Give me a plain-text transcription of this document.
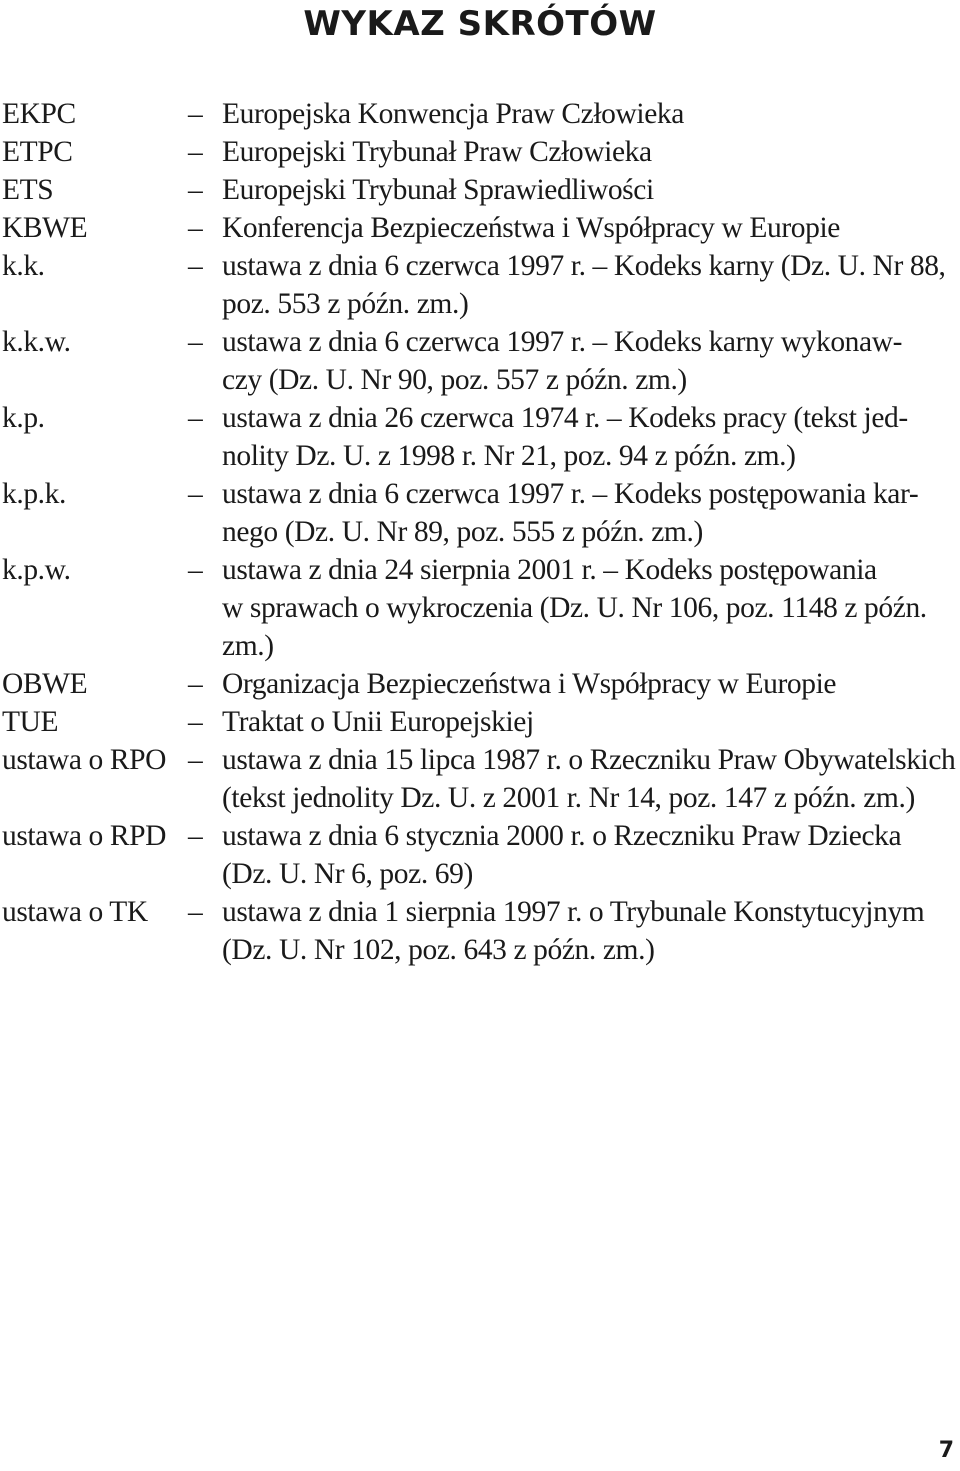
WYKAZ SKRÓTÓW
EKPC	– Europejska Konwencja Praw Człowieka
ETPC	– Europejski Trybunał Praw Człowieka
ETS	– Europejski Trybunał Sprawiedliwości
KBWE	– Konferencja Bezpieczeństwa i Współpracy w Europie
k.k.	– ustawa z dnia 6 czerwca 1997 r. – Kodeks karny (Dz. U. Nr 88,
poz. 553 z późn. zm.)
k.k.w.	– ustawa z dnia 6 czerwca 1997 r. – Kodeks karny wykonaw-
czy (Dz. U. Nr 90, poz. 557 z późn. zm.)
k.p.	– ustawa z dnia 26 czerwca 1974 r. – Kodeks pracy (tekst jed-
nolity Dz. U. z 1998 r. Nr 21, poz. 94 z późn. zm.)
k.p.k.	– ustawa z dnia 6 czerwca 1997 r. – Kodeks postępowania kar-
nego (Dz. U. Nr 89, poz. 555 z późn. zm.)
k.p.w.	– ustawa z dnia 24 sierpnia 2001 r. – Kodeks postępowania
w sprawach o wykroczenia (Dz. U. Nr 106, poz. 1148 z późn.
zm.)
OBWE	– Organizacja Bezpieczeństwa i Współpracy w Europie
TUE	– Traktat o Unii Europejskiej
ustawa o RPO – ustawa z dnia 15 lipca 1987 r. o Rzeczniku Praw Obywatelskich
(tekst jednolity Dz. U. z 2001 r. Nr 14, poz. 147 z późn. zm.)
ustawa o RPD – ustawa z dnia 6 stycznia 2000 r. o Rzeczniku Praw Dziecka
(Dz. U. Nr 6, poz. 69)
ustawa o TK	– ustawa z dnia 1 sierpnia 1997 r. o Trybunale Konstytucyjnym
(Dz. U. Nr 102, poz. 643 z późn. zm.)
7
